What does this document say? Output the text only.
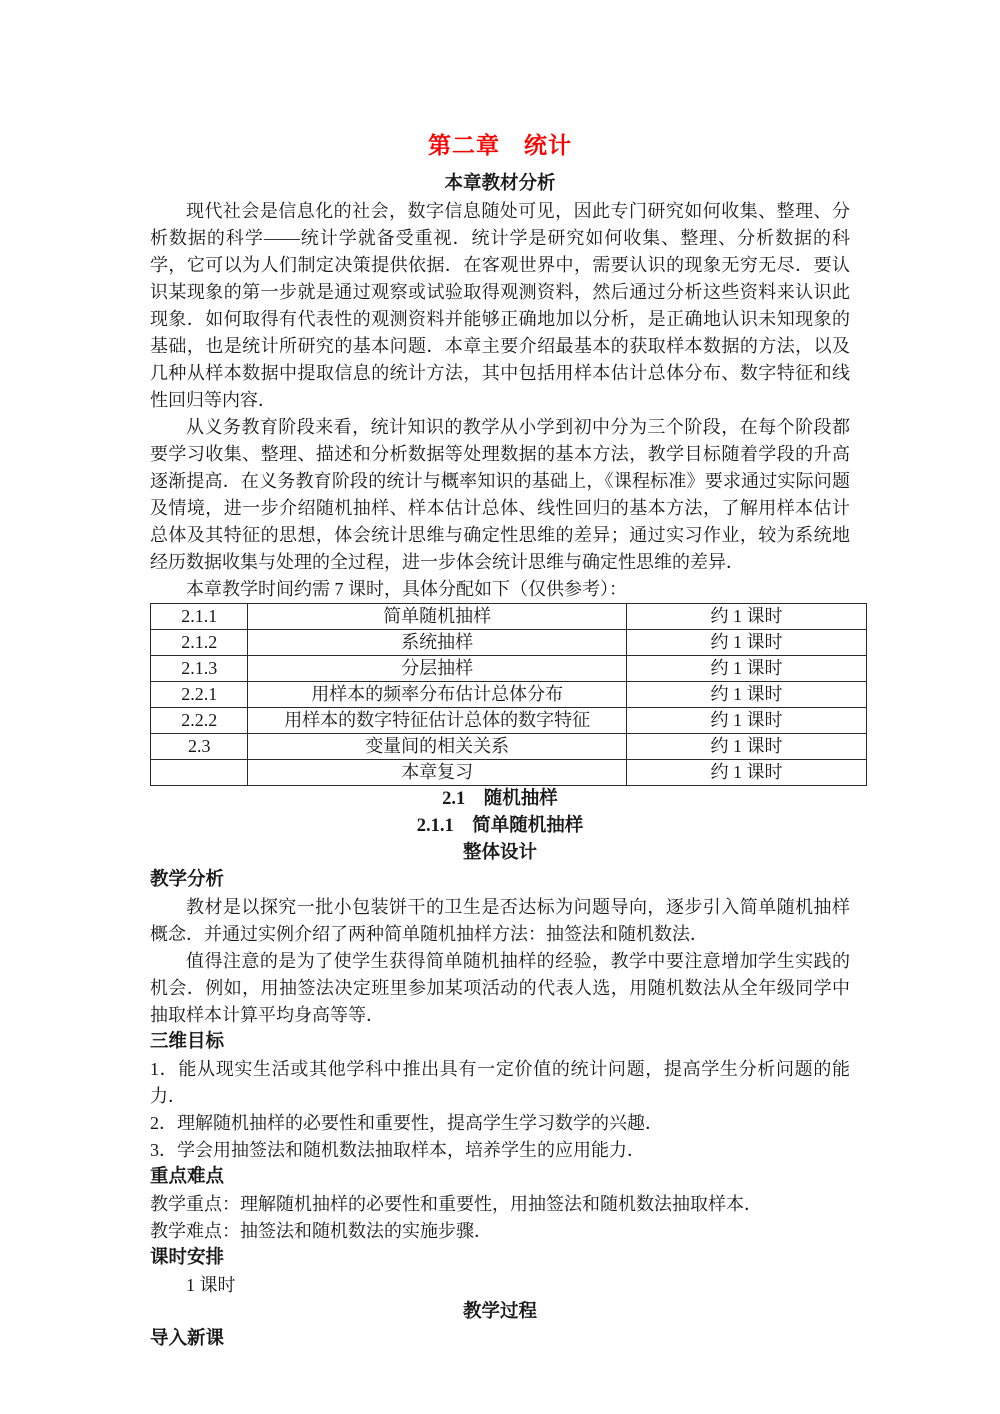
第二章　统计
本章教材分析

现代社会是信息化的社会，数字信息随处可见，因此专门研究如何收集、整理、分析数据的科学——统计学就备受重视．统计学是研究如何收集、整理、分析数据的科学，它可以为人们制定决策提供依据．在客观世界中，需要认识的现象无穷无尽．要认识某现象的第一步就是通过观察或试验取得观测资料，然后通过分析这些资料来认识此现象．如何取得有代表性的观测资料并能够正确地加以分析，是正确地认识未知现象的基础，也是统计所研究的基本问题．本章主要介绍最基本的获取样本数据的方法，以及几种从样本数据中提取信息的统计方法，其中包括用样本估计总体分布、数字特征和线性回归等内容．

从义务教育阶段来看，统计知识的教学从小学到初中分为三个阶段，在每个阶段都要学习收集、整理、描述和分析数据等处理数据的基本方法，教学目标随着学段的升高逐渐提高．在义务教育阶段的统计与概率知识的基础上，《课程标准》要求通过实际问题及情境，进一步介绍随机抽样、样本估计总体、线性回归的基本方法，了解用样本估计总体及其特征的思想，体会统计思维与确定性思维的差异；通过实习作业，较为系统地经历数据收集与处理的全过程，进一步体会统计思维与确定性思维的差异．

本章教学时间约需 7 课时，具体分配如下（仅供参考）：

2.1.1	简单随机抽样	约 1 课时
2.1.2	系统抽样	约 1 课时
2.1.3	分层抽样	约 1 课时
2.2.1	用样本的频率分布估计总体分布	约 1 课时
2.2.2	用样本的数字特征估计总体的数字特征	约 1 课时
2.3	变量间的相关关系	约 1 课时
	本章复习	约 1 课时
2.1　随机抽样
2.1.1　简单随机抽样
整体设计
教学分析

教材是以探究一批小包装饼干的卫生是否达标为问题导向，逐步引入简单随机抽样概念．并通过实例介绍了两种简单随机抽样方法：抽签法和随机数法．

值得注意的是为了使学生获得简单随机抽样的经验，教学中要注意增加学生实践的机会．例如，用抽签法决定班里参加某项活动的代表人选，用随机数法从全年级同学中抽取样本计算平均身高等等．

三维目标

1．能从现实生活或其他学科中推出具有一定价值的统计问题，提高学生分析问题的能力．

2．理解随机抽样的必要性和重要性，提高学生学习数学的兴趣．

3．学会用抽签法和随机数法抽取样本，培养学生的应用能力．

重点难点

教学重点：理解随机抽样的必要性和重要性，用抽签法和随机数法抽取样本．

教学难点：抽签法和随机数法的实施步骤．

课时安排

1 课时

教学过程
导入新课
